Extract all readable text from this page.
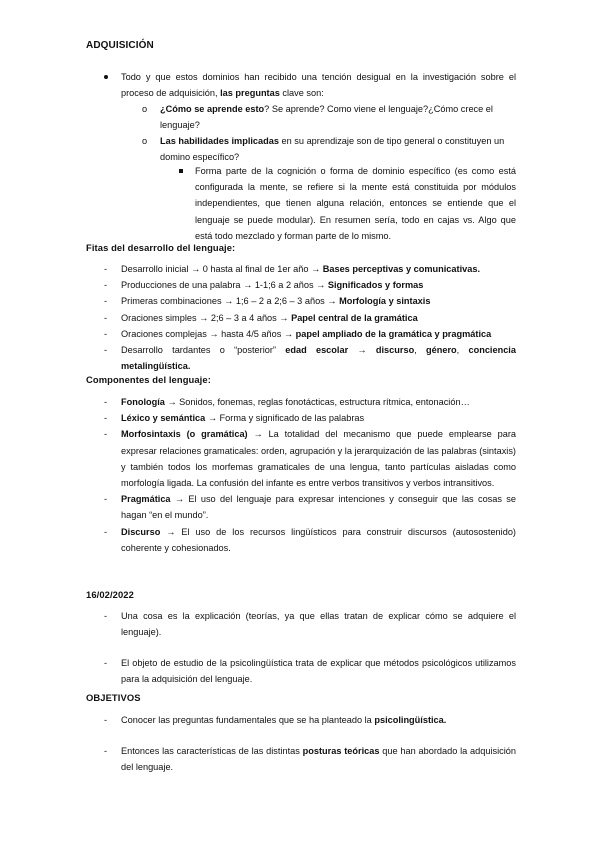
ADQUISICIÓN
Todo y que estos dominios han recibido una tención desigual en la investigación sobre el proceso de adquisición, las preguntas clave son:
o ¿Cómo se aprende esto? Se aprende? Como viene el lenguaje?¿Cómo crece el lenguaje?
o Las habilidades implicadas en su aprendizaje son de tipo general o constituyen un domino específico?
Forma parte de la cognición o forma de dominio específico (es como está configurada la mente, se refiere si la mente está constituida por módulos independientes, que tienen alguna relación, entonces se entiende que el lenguaje se puede modular). En resumen sería, todo en cajas vs. Algo que está todo mezclado y forman parte de lo mismo.
Fitas del desarrollo del lenguaje:
- Desarrollo inicial → 0 hasta al final de 1er año → Bases perceptivas y comunicativas.
- Producciones de una palabra → 1-1;6 a 2 años → Significados y formas
- Primeras combinaciones → 1;6 – 2 a 2;6 – 3 años → Morfología y sintaxis
- Oraciones simples → 2;6 – 3 a 4 años → Papel central de la gramática
- Oraciones complejas → hasta 4/5 años → papel ampliado de la gramática y pragmática
- Desarrollo tardantes o “posterior” edad escolar → discurso, género, conciencia metalingüística.
Componentes del lenguaje:
- Fonología → Sonidos, fonemas, reglas fonotácticas, estructura rítmica, entonación…
- Léxico y semántica → Forma y significado de las palabras
- Morfosintaxis (o gramática) → La totalidad del mecanismo que puede emplearse para expresar relaciones gramaticales: orden, agrupación y la jerarquización de las palabras (sintaxis) y también todos los morfemas gramaticales de una lengua, tanto partículas aisladas como morfología ligada. La confusión del infante es entre verbos transitivos y verbos intransitivos.
- Pragmática → El uso del lenguaje para expresar intenciones y conseguir que las cosas se hagan “en el mundo”.
- Discurso → El uso de los recursos lingüísticos para construir discursos (autosostenido) coherente y cohesionados.
16/02/2022
- Una cosa es la explicación (teorías, ya que ellas tratan de explicar cómo se adquiere el lenguaje).
- El objeto de estudio de la psicolingüística trata de explicar que métodos psicológicos utilizamos para la adquisición del lenguaje.
OBJETIVOS
- Conocer las preguntas fundamentales que se ha planteado la psicolingüística.
- Entonces las características de las distintas posturas teóricas que han abordado la adquisición del lenguaje.
